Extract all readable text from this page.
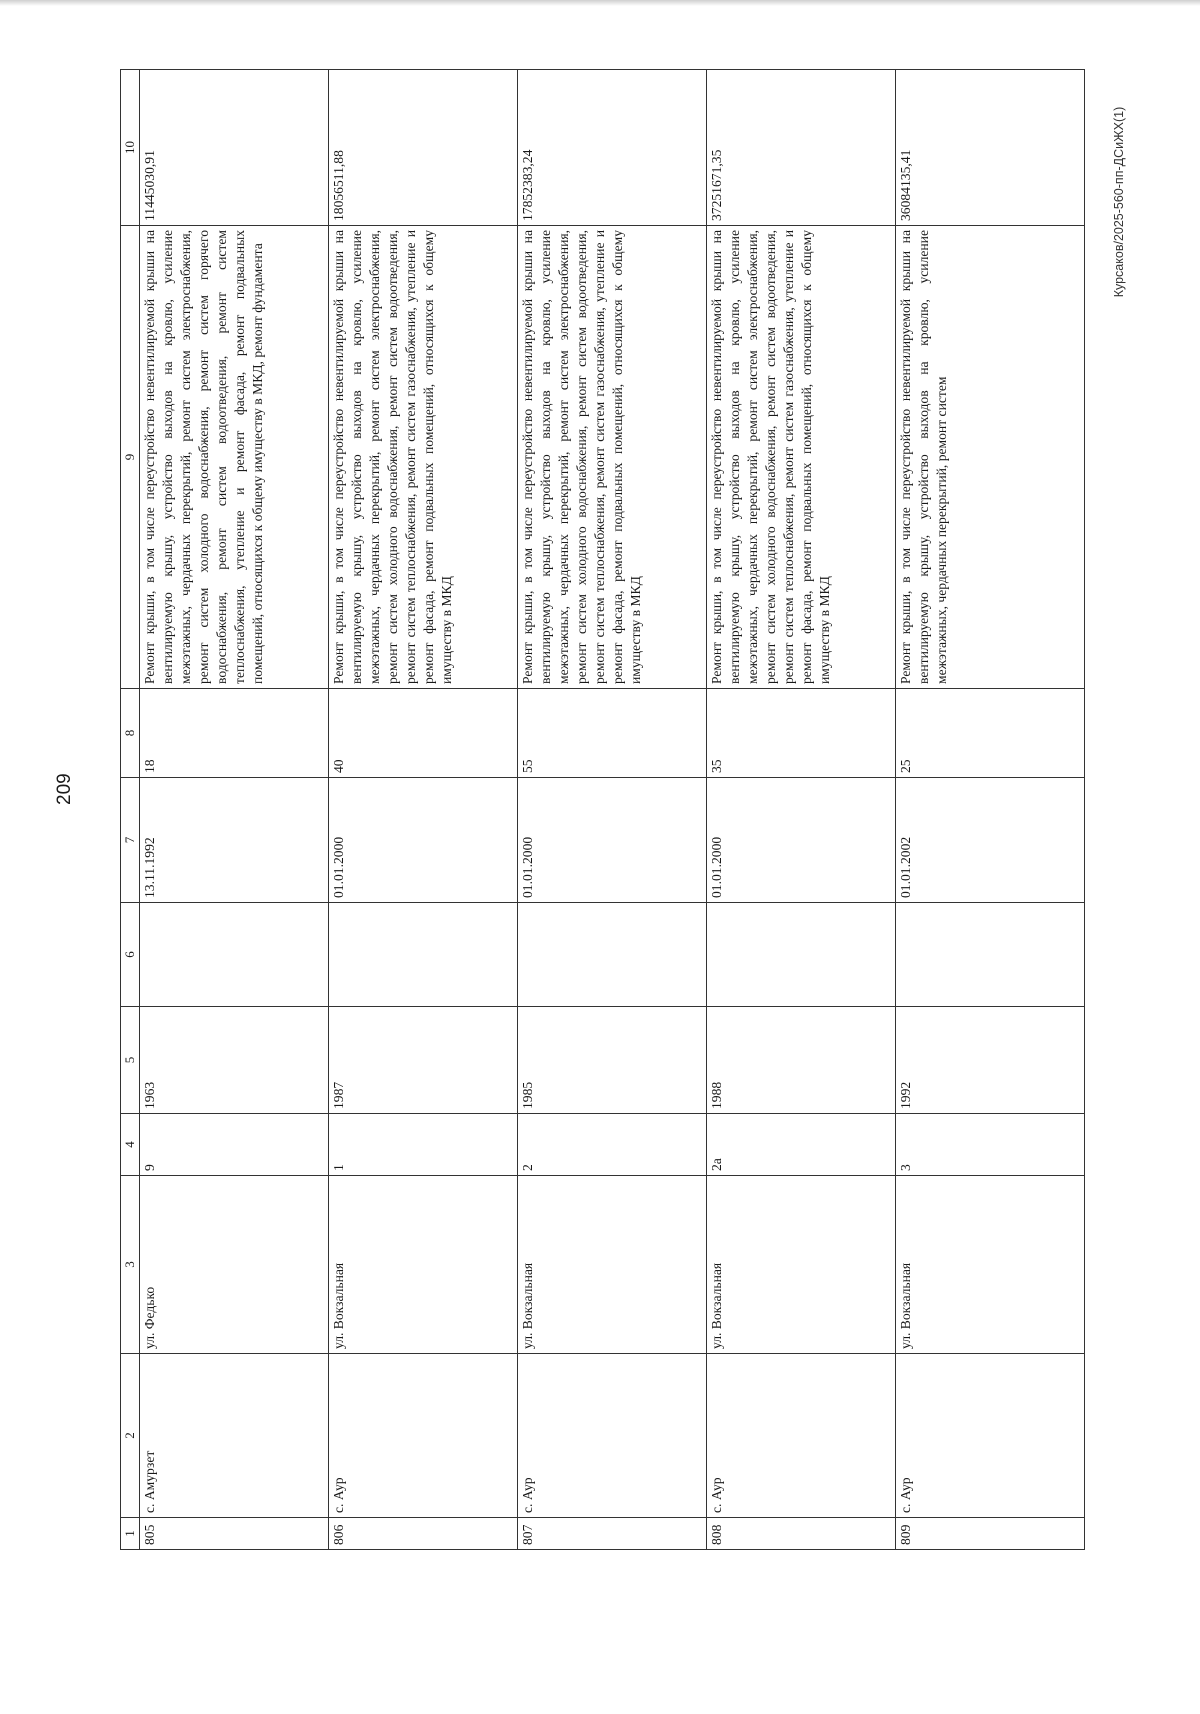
209
1	2	3	4	5	6	7	8	9	10
805	с. Амурзет	ул. Федько	9	1963		13.11.1992	18	Ремонт крыши, в том числе переустройство невентилируемой крыши на вентилируемую крышу, устройство выходов на кровлю, усиление межэтажных, чердачных перекрытий, ремонт систем электроснабжения, ремонт систем холодного водоснабжения, ремонт систем горячего водоснабжения, ремонт систем водоотведения, ремонт систем теплоснабжения, утепление и ремонт фасада, ремонт подвальных помещений, относящихся к общему имуществу в МКД, ремонт фундамента	11445030,91
806	с. Аур	ул. Вокзальная	1	1987		01.01.2000	40	Ремонт крыши, в том числе переустройство невентилируемой крыши на вентилируемую крышу, устройство выходов на кровлю, усиление межэтажных, чердачных перекрытий, ремонт систем электроснабжения, ремонт систем холодного водоснабжения, ремонт систем водоотведения, ремонт систем теплоснабжения, ремонт систем газоснабжения, утепление и ремонт фасада, ремонт подвальных помещений, относящихся к общему имуществу в МКД	18056511,88
807	с. Аур	ул. Вокзальная	2	1985		01.01.2000	55	Ремонт крыши, в том числе переустройство невентилируемой крыши на вентилируемую крышу, устройство выходов на кровлю, усиление межэтажных, чердачных перекрытий, ремонт систем электроснабжения, ремонт систем холодного водоснабжения, ремонт систем водоотведения, ремонт систем теплоснабжения, ремонт систем газоснабжения, утепление и ремонт фасада, ремонт подвальных помещений, относящихся к общему имуществу в МКД	17852383,24
808	с. Аур	ул. Вокзальная	2а	1988		01.01.2000	35	Ремонт крыши, в том числе переустройство невентилируемой крыши на вентилируемую крышу, устройство выходов на кровлю, усиление межэтажных, чердачных перекрытий, ремонт систем электроснабжения, ремонт систем холодного водоснабжения, ремонт систем водоотведения, ремонт систем теплоснабжения, ремонт систем газоснабжения, утепление и ремонт фасада, ремонт подвальных помещений, относящихся к общему имуществу в МКД	37251671,35
809	с. Аур	ул. Вокзальная	3	1992		01.01.2002	25	Ремонт крыши, в том числе переустройство невентилируемой крыши на вентилируемую крышу, устройство выходов на кровлю, усиление межэтажных, чердачных перекрытий, ремонт систем	36084135,41	Курсаков/2025-560-пп-ДСиЖХ(1)
